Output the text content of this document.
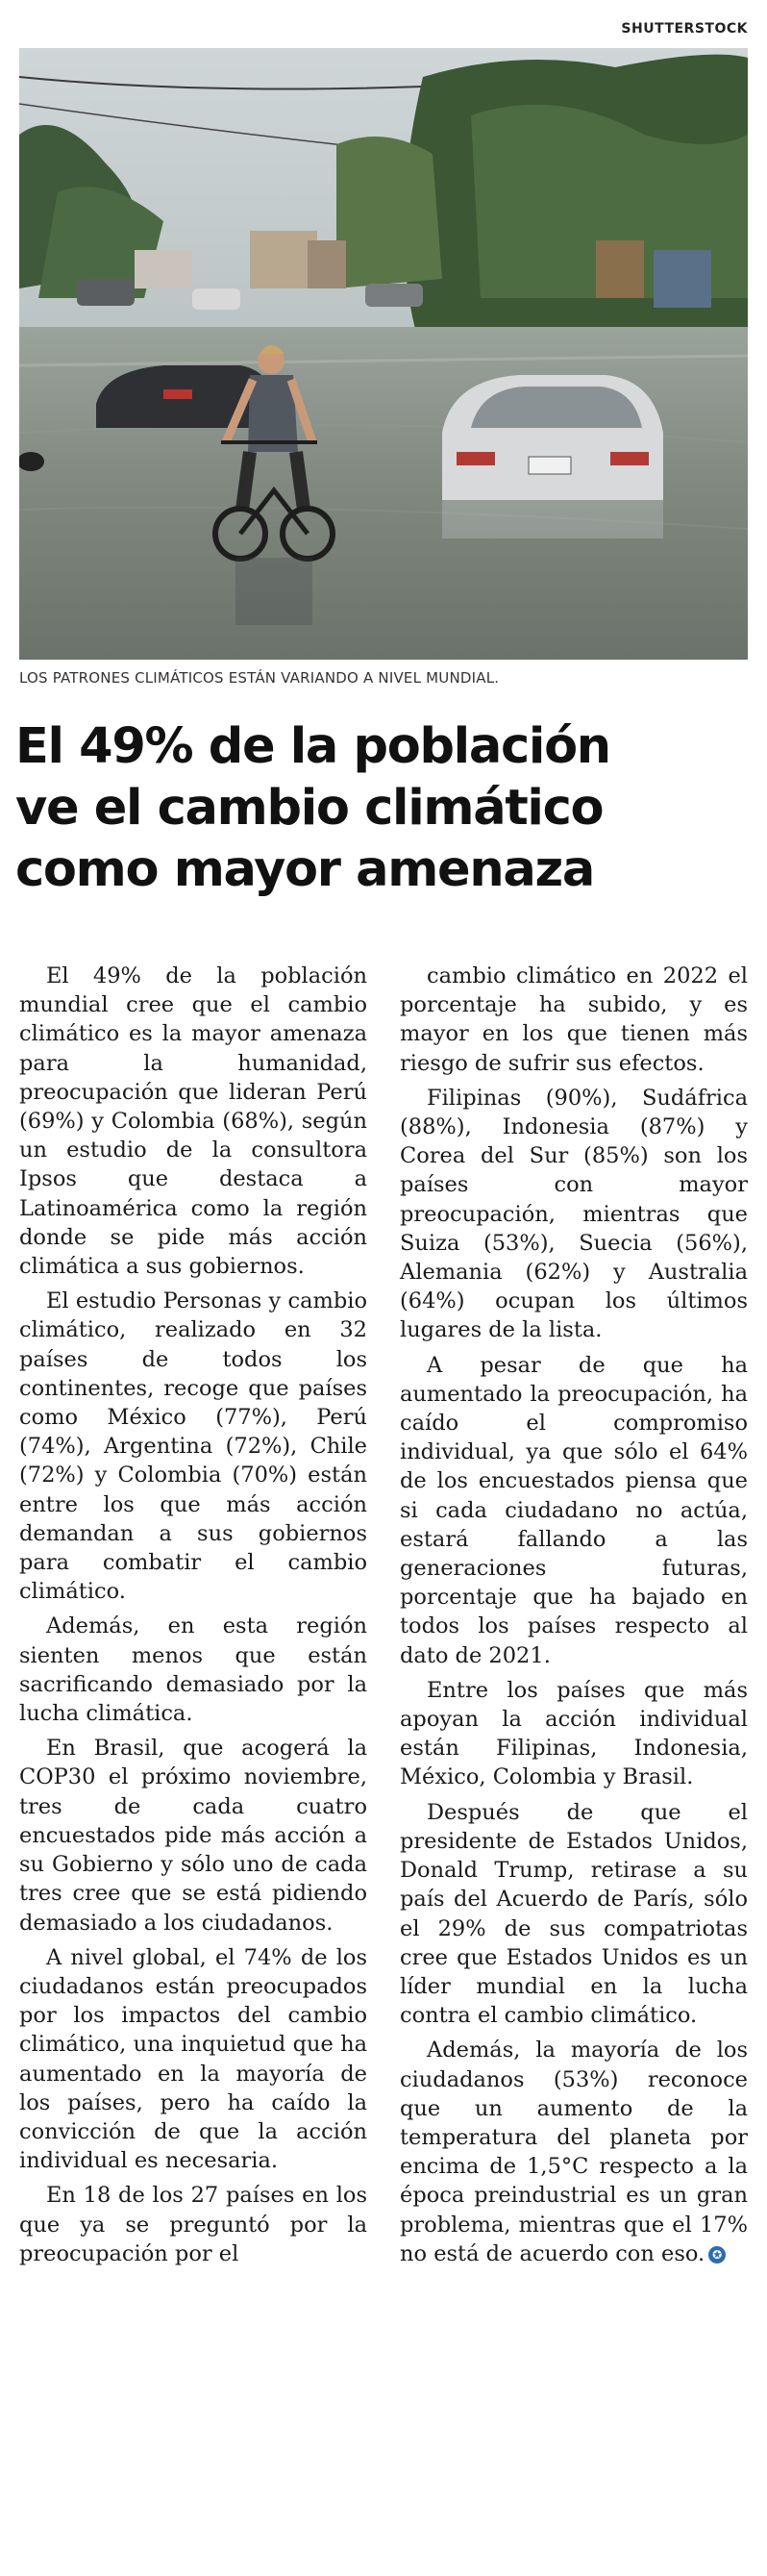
SHUTTERSTOCK
LOS PATRONES CLIMÁTICOS ESTÁN VARIANDO A NIVEL MUNDIAL.
El 49% de la población
ve el cambio climático
como mayor amenaza

El 49% de la población mundial cree que el cambio climático es la mayor amenaza para la humanidad, preocupación que lideran Perú (69%) y Colombia (68%), según un estudio de la consultora Ipsos que destaca a Latinoamérica como la región donde se pide más acción climática a sus gobiernos.

El estudio Personas y cambio climático, realizado en 32 países de todos los continentes, recoge que países como México (77%), Perú (74%), Argentina (72%), Chile (72%) y Colombia (70%) están entre los que más acción demandan a sus gobiernos para combatir el cambio climático.

Además, en esta región sienten menos que están sacrificando demasiado por la lucha climática.

En Brasil, que acogerá la COP30 el próximo noviembre, tres de cada cuatro encuestados pide más acción a su Gobierno y sólo uno de cada tres cree que se está pidiendo demasiado a los ciudadanos.

A nivel global, el 74% de los ciudadanos están preocupados por los impactos del cambio climático, una inquietud que ha aumentado en la mayoría de los países, pero ha caído la convicción de que la acción individual es necesaria.

En 18 de los 27 países en los que ya se preguntó por la preocupación por el

cambio climático en 2022 el porcentaje ha subido, y es mayor en los que tienen más riesgo de sufrir sus efectos.

Filipinas (90%), Sudáfrica (88%), Indonesia (87%) y Corea del Sur (85%) son los países con mayor preocupación, mientras que Suiza (53%), Suecia (56%), Alemania (62%) y Australia (64%) ocupan los últimos lugares de la lista.

A pesar de que ha aumentado la preocupación, ha caído el compromiso individual, ya que sólo el 64% de los encuestados piensa que si cada ciudadano no actúa, estará fallando a las generaciones futuras, porcentaje que ha bajado en todos los países respecto al dato de 2021.

Entre los países que más apoyan la acción individual están Filipinas, Indonesia, México, Colombia y Brasil.

Después de que el presidente de Estados Unidos, Donald Trump, retirase a su país del Acuerdo de París, sólo el 29% de sus compatriotas cree que Estados Unidos es un líder mundial en la lucha contra el cambio climático.

Además, la mayoría de los ciudadanos (53%) reconoce que un aumento de la temperatura del planeta por encima de 1,5°C respecto a la época preindustrial es un gran problema, mientras que el 17% no está de acuerdo con eso. ✪
